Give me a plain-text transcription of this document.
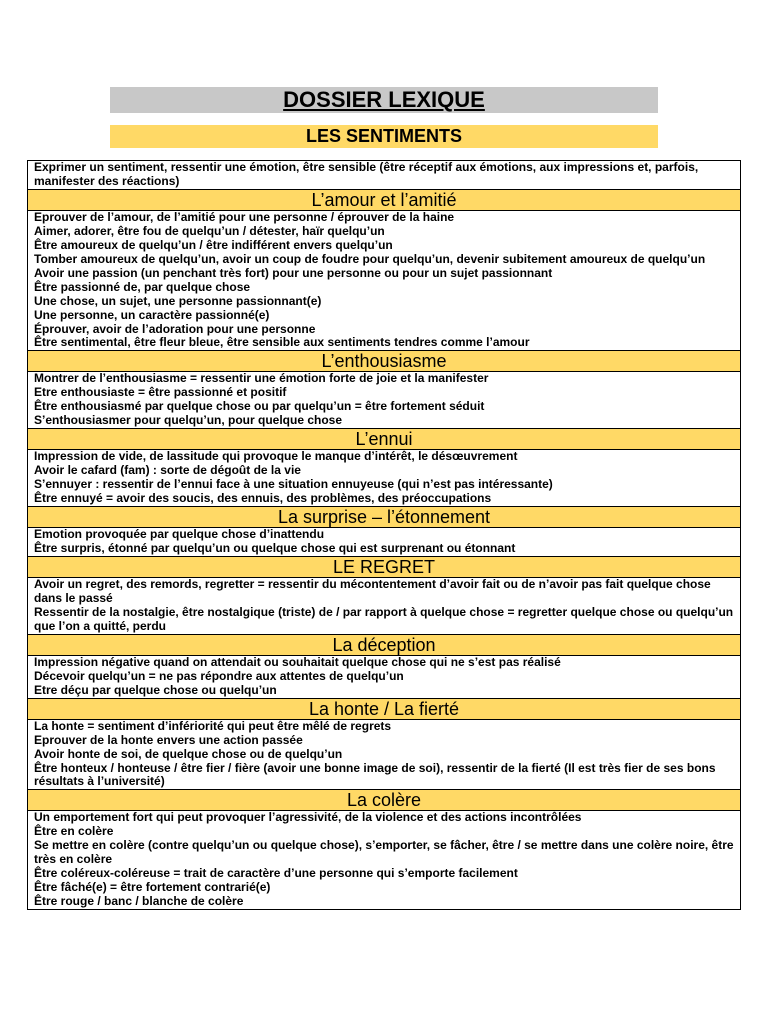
DOSSIER LEXIQUE
LES SENTIMENTS
Exprimer un sentiment, ressentir une émotion, être sensible (être réceptif aux émotions, aux impressions et, parfois, manifester des réactions)
L’amour et l’amitié
Eprouver de l’amour, de l’amitié pour une personne / éprouver de la haine
Aimer, adorer, être fou de quelqu’un / détester, haïr quelqu’un
Être amoureux de quelqu’un / être indifférent envers quelqu’un
Tomber amoureux de quelqu’un, avoir un coup de foudre pour quelqu’un, devenir subitement amoureux de quelqu’un
Avoir une passion (un penchant très fort) pour une personne ou pour un sujet passionnant
Être passionné de, par quelque chose
Une chose, un sujet, une personne passionnant(e)
Une personne, un caractère passionné(e)
Éprouver, avoir de l’adoration pour une personne
Être sentimental, être fleur bleue, être sensible aux sentiments tendres comme l’amour
L’enthousiasme
Montrer de l’enthousiasme = ressentir une émotion forte de joie et la manifester
Etre enthousiaste = être passionné et positif
Être enthousiasmé par quelque chose ou par quelqu’un = être fortement séduit
S’enthousiasmer pour quelqu’un, pour quelque chose
L’ennui
Impression de vide, de lassitude qui provoque le manque d’intérêt, le désœuvrement
Avoir le cafard (fam) : sorte de dégoût de la vie
S’ennuyer : ressentir de l’ennui face à une situation ennuyeuse (qui n’est pas intéressante)
Être ennuyé = avoir des soucis, des ennuis, des problèmes, des préoccupations
La surprise – l’étonnement
Emotion provoquée par quelque chose d’inattendu
Être surpris, étonné par quelqu’un ou quelque chose qui est surprenant ou étonnant
LE REGRET
Avoir un regret, des remords, regretter = ressentir du mécontentement d’avoir fait ou de n’avoir pas fait quelque chose dans le passé
Ressentir de la nostalgie, être nostalgique (triste) de / par rapport à quelque chose = regretter quelque chose ou quelqu’un que l’on a quitté, perdu
La déception
Impression négative quand on attendait ou souhaitait quelque chose qui ne s’est pas réalisé
Décevoir quelqu’un = ne pas répondre aux attentes de quelqu’un
Etre déçu par quelque chose ou quelqu’un
La honte / La fierté
La honte = sentiment d’infériorité qui peut être mêlé de regrets
Eprouver de la honte envers une action passée
Avoir honte de soi, de quelque chose ou de quelqu’un
Être honteux / honteuse / être fier / fière (avoir une bonne image de soi), ressentir de la fierté (Il est très fier de ses bons résultats à l’université)
La colère
Un emportement fort qui peut provoquer l’agressivité, de la violence et des actions incontrôlées
Être en colère
Se mettre en colère (contre quelqu’un ou quelque chose), s’emporter, se fâcher, être / se mettre dans une colère noire, être très en colère
Être coléreux-coléreuse = trait de caractère d’une personne qui s’emporte facilement
Être fâché(e) = être fortement contrarié(e)
Être rouge / banc / blanche de colère
